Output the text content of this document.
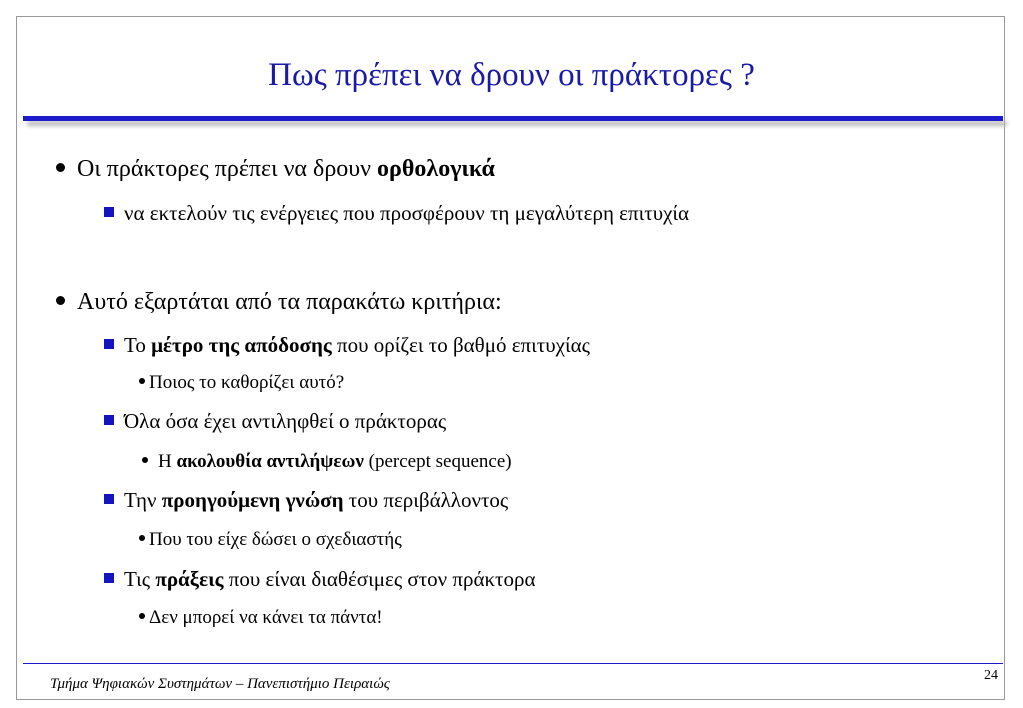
Πως πρέπει να δρουν οι πράκτορες ?
Οι πράκτορες πρέπει να δρουν ορθολογικά
να εκτελούν τις ενέργειες που προσφέρουν τη μεγαλύτερη επιτυχία
Αυτό εξαρτάται από τα παρακάτω κριτήρια:
Το μέτρο της απόδοσης που ορίζει το βαθμό επιτυχίας
Ποιος το καθορίζει αυτό?
Όλα όσα έχει αντιληφθεί ο πράκτορας
Η ακολουθία αντιλήψεων (percept sequence)
Την προηγούμενη γνώση του περιβάλλοντος
Που του είχε δώσει ο σχεδιαστής
Τις πράξεις που είναι διαθέσιμες στον πράκτορα
Δεν μπορεί να κάνει τα πάντα!
Τμήμα Ψηφιακών Συστημάτων – Πανεπιστήμιο Πειραιώς
24
